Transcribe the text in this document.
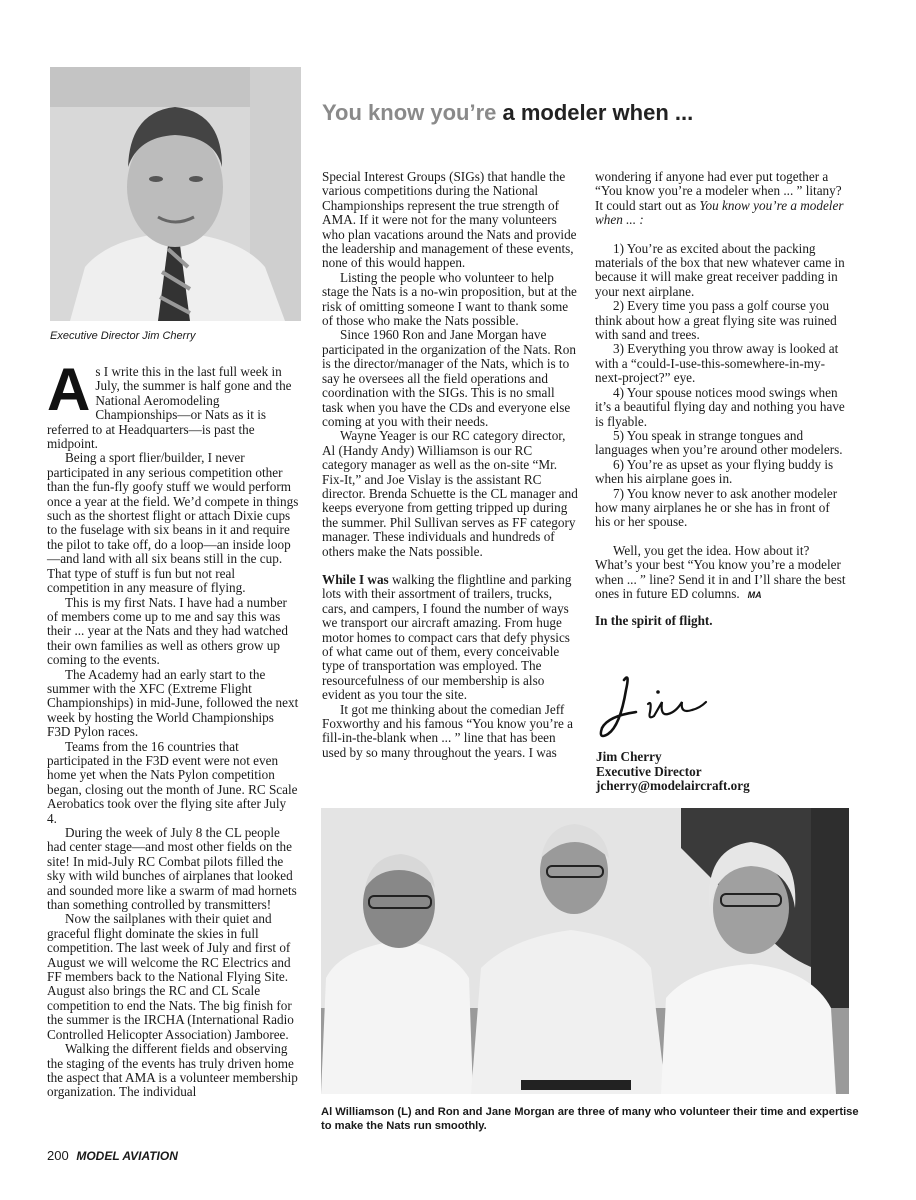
Executive Director Jim Cherry
You know you’re a modeler when ...

As I write this in the last full week in July, the summer is half gone and the National Aeromodeling Championships—or Nats as it is referred to at Headquarters—is past the midpoint.

Being a sport flier/builder, I never participated in any serious competition other than the fun-fly goofy stuff we would perform once a year at the field. We’d compete in things such as the shortest flight or attach Dixie cups to the fuselage with six beans in it and require the pilot to take off, do a loop—an inside loop—and land with all six beans still in the cup. That type of stuff is fun but not real competition in any measure of flying.

This is my first Nats. I have had a number of members come up to me and say this was their ... year at the Nats and they had watched their own families as well as others grow up coming to the events.

The Academy had an early start to the summer with the XFC (Extreme Flight Championships) in mid-June, followed the next week by hosting the World Championships F3D Pylon races.

Teams from the 16 countries that participated in the F3D event were not even home yet when the Nats Pylon competition began, closing out the month of June. RC Scale Aerobatics took over the flying site after July 4.

During the week of July 8 the CL people had center stage—and most other fields on the site! In mid-July RC Combat pilots filled the sky with wild bunches of airplanes that looked and sounded more like a swarm of mad hornets than something controlled by transmitters!

Now the sailplanes with their quiet and graceful flight dominate the skies in full competition. The last week of July and first of August we will welcome the RC Electrics and FF members back to the National Flying Site. August also brings the RC and CL Scale competition to end the Nats. The big finish for the summer is the IRCHA (International Radio Controlled Helicopter Association) Jamboree.

Walking the different fields and observing the staging of the events has truly driven home the aspect that AMA is a volunteer membership organization. The individual

Special Interest Groups (SIGs) that handle the various competitions during the National Championships represent the true strength of AMA. If it were not for the many volunteers who plan vacations around the Nats and provide the leadership and management of these events, none of this would happen.

Listing the people who volunteer to help stage the Nats is a no-win proposition, but at the risk of omitting someone I want to thank some of those who make the Nats possible.

Since 1960 Ron and Jane Morgan have participated in the organization of the Nats. Ron is the director/manager of the Nats, which is to say he oversees all the field operations and coordination with the SIGs. This is no small task when you have the CDs and everyone else coming at you with their needs.

Wayne Yeager is our RC category director, Al (Handy Andy) Williamson is our RC category manager as well as the on-site “Mr. Fix-It,” and Joe Vislay is the assistant RC director. Brenda Schuette is the CL manager and keeps everyone from getting tripped up during the summer. Phil Sullivan serves as FF category manager. These individuals and hundreds of others make the Nats possible.

While I was walking the flightline and parking lots with their assortment of trailers, trucks, cars, and campers, I found the number of ways we transport our aircraft amazing. From huge motor homes to compact cars that defy physics of what came out of them, every conceivable type of transportation was employed. The resourcefulness of our membership is also evident as you tour the site.

It got me thinking about the comedian Jeff Foxworthy and his famous “You know you’re a fill-in-the-blank when ... ” line that has been used by so many throughout the years. I was

wondering if anyone had ever put together a “You know you’re a modeler when ... ” litany? It could start out as You know you’re a modeler when ... :

1) You’re as excited about the packing materials of the box that new whatever came in because it will make great receiver padding in your next airplane.

2) Every time you pass a golf course you think about how a great flying site was ruined with sand and trees.

3) Everything you throw away is looked at with a “could-I-use-this-somewhere-in-my-next-project?” eye.

4) Your spouse notices mood swings when it’s a beautiful flying day and nothing you have is flyable.

5) You speak in strange tongues and languages when you’re around other modelers.

6) You’re as upset as your flying buddy is when his airplane goes in.

7) You know never to ask another modeler how many airplanes he or she has in front of his or her spouse.

Well, you get the idea. How about it? What’s your best “You know you’re a modeler when ... ” line? Send it in and I’ll share the best ones in future ED columns. MA

In the spirit of flight.

Jim Cherry
Executive Director
jcherry@modelaircraft.org
Al Williamson (L) and Ron and Jane Morgan are three of many who volunteer their time and expertise to make the Nats run smoothly.
200 MODEL AVIATION
